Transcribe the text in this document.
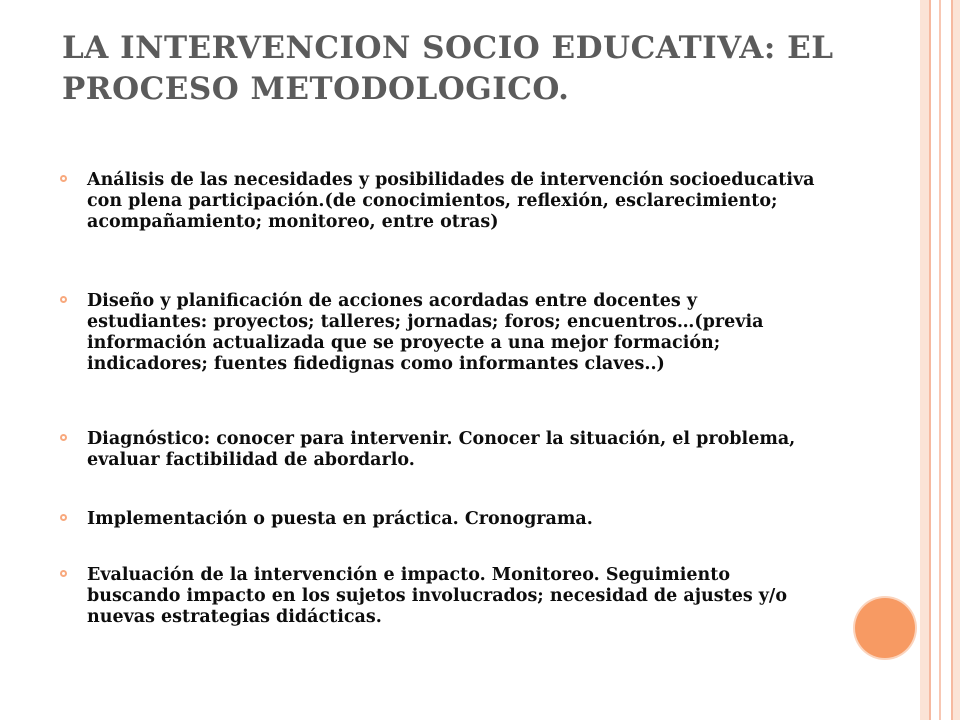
LA INTERVENCION SOCIO EDUCATIVA: EL PROCESO METODOLOGICO.
Análisis de las necesidades y posibilidades de intervención socioeducativa con plena participación.(de conocimientos, reflexión, esclarecimiento; acompañamiento; monitoreo, entre otras)
Diseño y planificación de acciones acordadas entre docentes y estudiantes: proyectos; talleres; jornadas; foros; encuentros…(previa información actualizada que se proyecte a una mejor formación; indicadores; fuentes fidedignas como informantes claves..)
Diagnóstico: conocer para intervenir. Conocer la situación, el problema, evaluar factibilidad de abordarlo.
Implementación o puesta en práctica. Cronograma.
Evaluación de la intervención e impacto. Monitoreo. Seguimiento buscando impacto en los sujetos involucrados; necesidad de ajustes y/o nuevas estrategias didácticas.
